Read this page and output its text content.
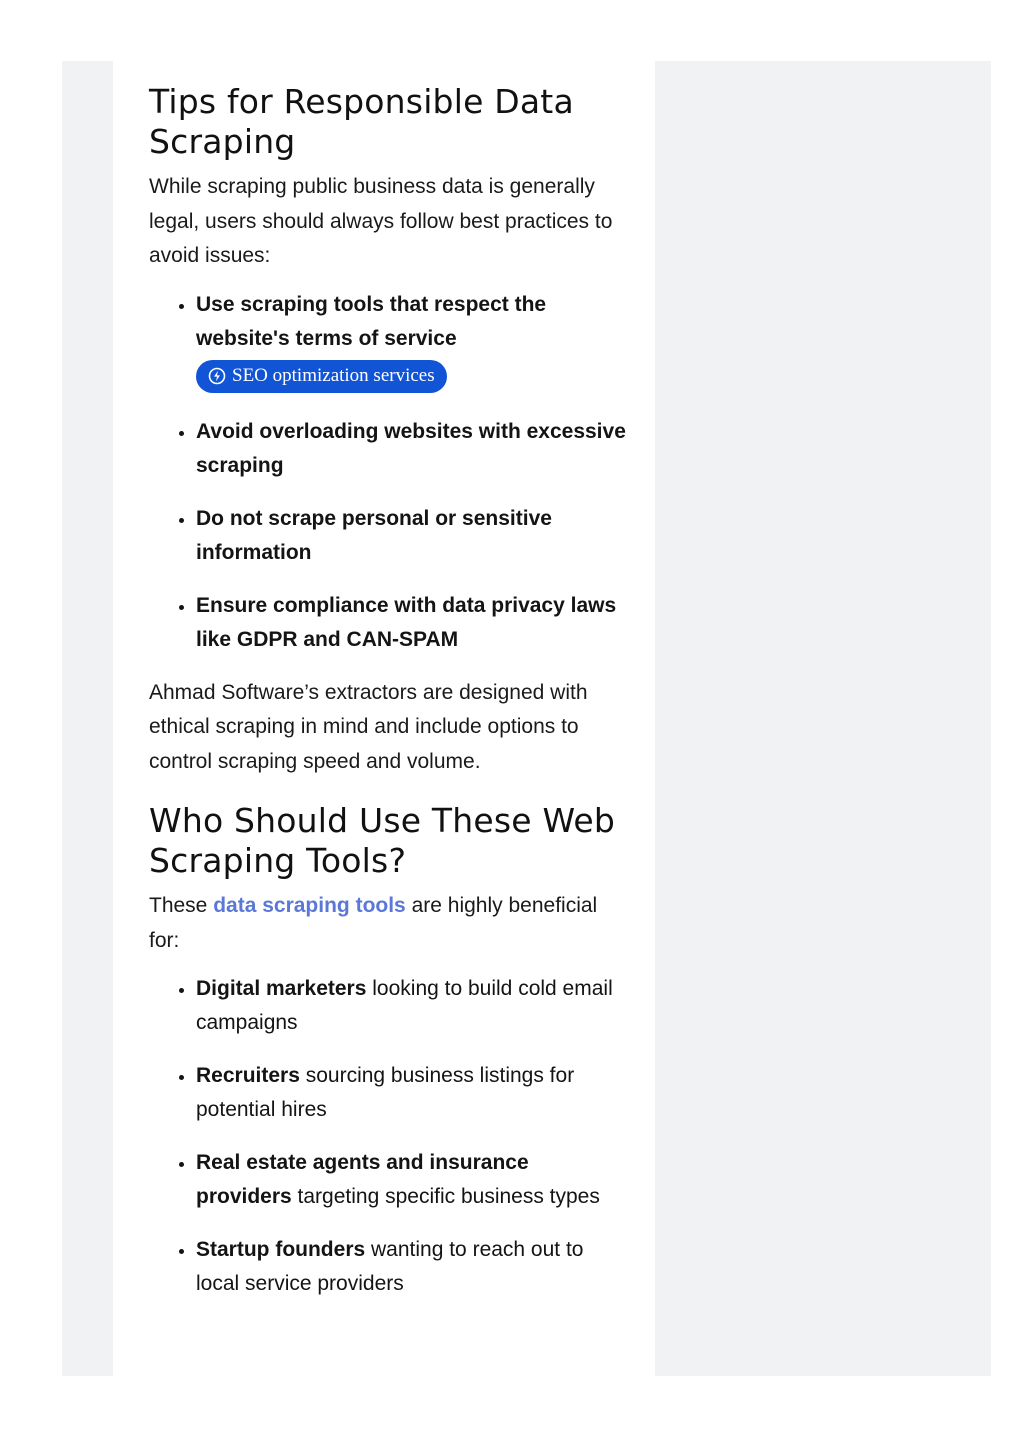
Tips for Responsible Data Scraping

While scraping public business data is generally legal, users should always follow best practices to avoid issues:

• Use scraping tools that respect the website's terms of service

SEO optimization services
• Avoid overloading websites with excessive scraping
• Do not scrape personal or sensitive information
• Ensure compliance with data privacy laws like GDPR and CAN-SPAM

Ahmad Software’s extractors are designed with ethical scraping in mind and include options to control scraping speed and volume.

Who Should Use These Web Scraping Tools?

These data scraping tools are highly beneficial for:

• Digital marketers looking to build cold email campaigns
• Recruiters sourcing business listings for potential hires
• Real estate agents and insurance providers targeting specific business types
• Startup founders wanting to reach out to local service providers
